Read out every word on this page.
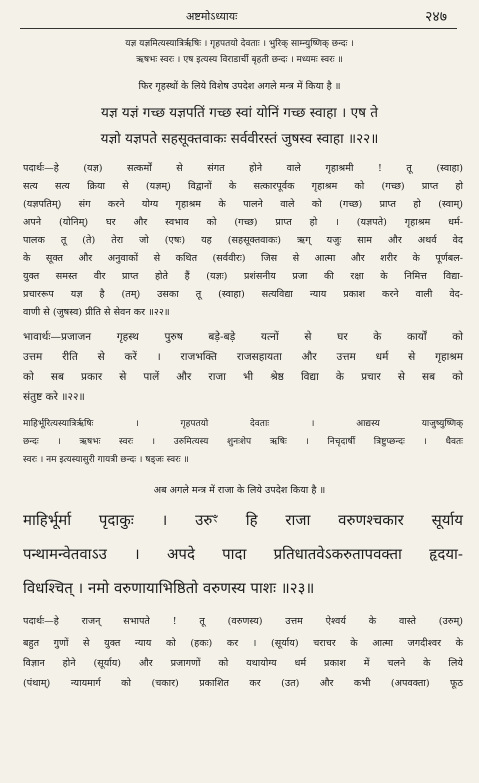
अष्टमोऽध्यायः	२४७
यज्ञ यज्ञमित्यस्यात्रिर्ऋषिः । गृहपतयो देवताः । भुरिक् साम्न्युष्णिक् छन्दः ।
ऋषभः स्वरः । एष इत्यस्य विराडार्ची बृहती छन्दः । मध्यमः स्वरः ॥
फिर गृहस्थों के लिये विशेष उपदेश अगले मन्त्र में किया है ॥
यज्ञ यज्ञं गच्छ यज्ञपतिं गच्छ स्वां योनिं गच्छ स्वाहा । एष ते
यज्ञो यज्ञपते सहसूक्तवाकः सर्ववीरस्तं जुषस्व स्वाहा ॥२२॥
पदार्थः—हे (यज्ञ) सत्कर्मों से संगत होने वाले गृहाश्रमी ! तू (स्वाहा)
सत्य सत्य क्रिया से (यज्ञम्) विद्वानों के सत्कारपूर्वक गृहाश्रम को (गच्छ) प्राप्त हो
(यज्ञपतिम्) संग करने योग्य गृहाश्रम के पालने वाले को (गच्छ) प्राप्त हो (स्वाम्)
अपने (योनिम्) घर और स्वभाव को (गच्छ) प्राप्त हो । (यज्ञपते) गृहाश्रम धर्म-
पालक तू (ते) तेरा जो (एषः) यह (सहसूक्तवाकः) ऋग् यजुः साम और अथर्व वेद
के सूक्त और अनुवाकों से कथित (सर्ववीरः) जिस से आत्मा और शरीर के पूर्णबल-
युक्त समस्त वीर प्राप्त होते हैं (यज्ञः) प्रशंसनीय प्रजा की रक्षा के निमित्त विद्या-
प्रचाररूप यज्ञ है (तम्) उसका तू (स्वाहा) सत्यविद्या न्याय प्रकाश करने वाली वेद-
वाणी से (जुषस्व) प्रीति से सेवन कर ॥२२॥
भावार्थः—प्रजाजन गृहस्थ पुरुष बड़े-बड़े यत्नों से घर के कार्यों को
उत्तम रीति से करें । राजभक्ति राजसहायता और उत्तम धर्म से गृहाश्रम
को सब प्रकार से पालें और राजा भी श्रेष्ठ विद्या के प्रचार से सब को
संतुष्ट करे ॥२२॥
माहिर्भूरित्यस्यात्रिर्ऋषिः । गृहपतयो देवताः । आद्यस्य याजुष्युष्णिक्
छन्दः । ऋषभः स्वरः । उरुमित्यस्य शुनःशेप ऋषिः । निचृदार्षी त्रिष्टुप्छन्दः । धैवतः
स्वरः । नम इत्यस्यासुरी गायत्री छन्दः । षड्जः स्वरः ॥
अब अगले मन्त्र में राजा के लिये उपदेश किया है ॥
माहिर्भूर्मा पृदाकुः । उरुꣳ हि राजा वरुणश्चकार सूर्याय
पन्थामन्वेतवाऽउ । अपदे पादा प्रतिधातवेऽकरुतापवक्ता हृदया-
विधश्चित् । नमो वरुणायाभिष्ठितो वरुणस्य पाशः ॥२३॥
पदार्थः—हे राजन् सभापते ! तू (वरुणस्य) उत्तम ऐश्वर्य के वास्ते (उरुम्)
बहुत गुणों से युक्त न्याय को (हकः) कर । (सूर्याय) चराचर के आत्मा जगदीश्वर के
विज्ञान होने (सूर्याय) और प्रजागणों को यथायोग्य धर्म प्रकाश में चलने के लिये
(पंथाम्) न्यायमार्ग को (चकार) प्रकाशित कर (उत) और कभी (अपवक्ता) फूठ
